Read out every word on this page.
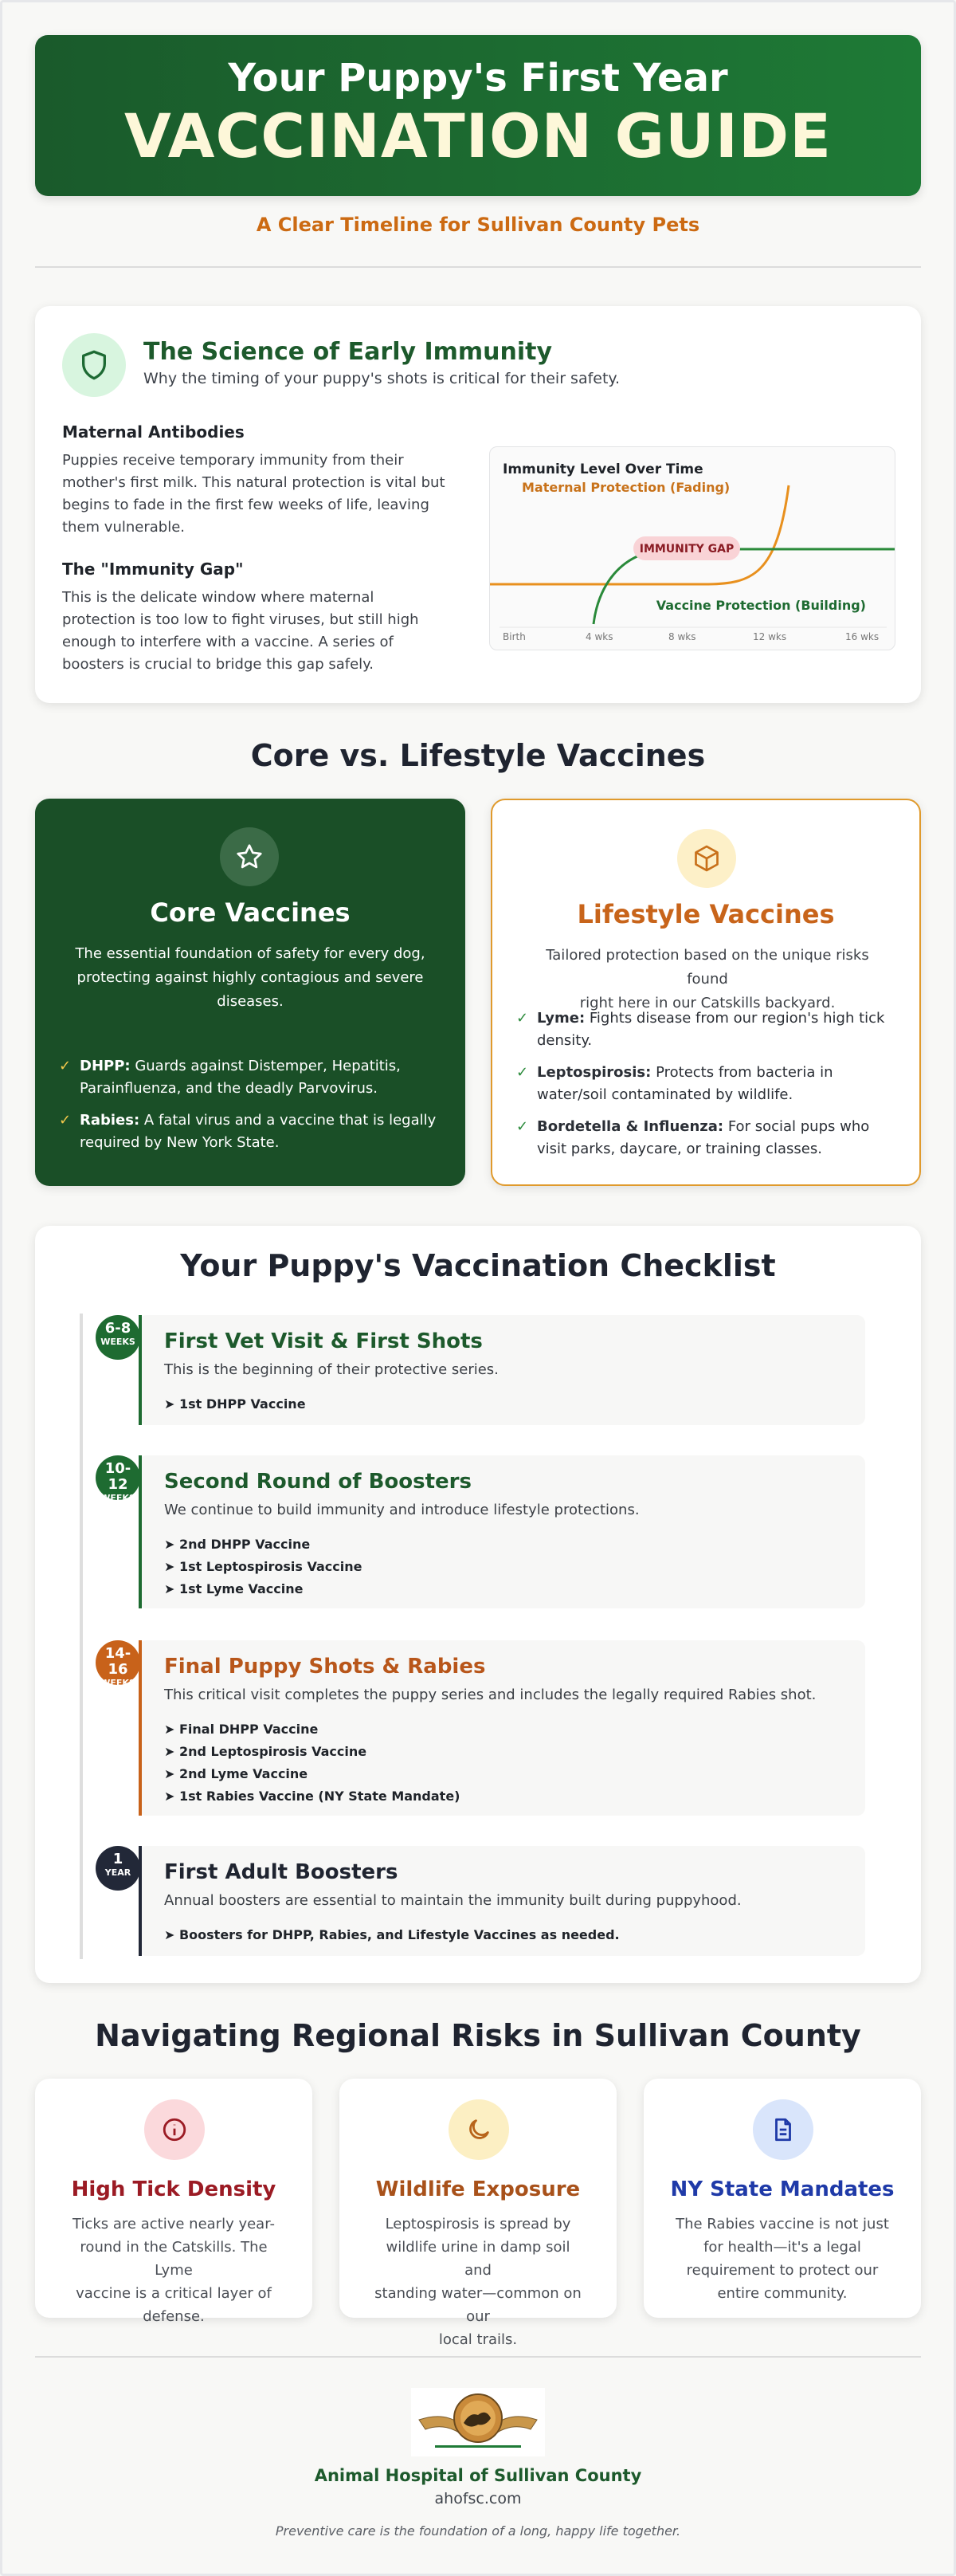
Your Puppy's First Year
VACCINATION GUIDE
A Clear Timeline for Sullivan County Pets
The Science of Early Immunity
Why the timing of your puppy's shots is critical for their safety.
Maternal Antibodies
Puppies receive temporary immunity from their
mother's first milk. This natural protection is vital but
begins to fade in the first few weeks of life, leaving
them vulnerable.
The "Immunity Gap"
This is the delicate window where maternal
protection is too low to fight viruses, but still high
enough to interfere with a vaccine. A series of
boosters is crucial to bridge this gap safely.
Immunity Level Over Time
Maternal Protection (Fading)
IMMUNITY GAP
Vaccine Protection (Building)
Birth	4 wks	8 wks	12 wks	16 wks
Core vs. Lifestyle Vaccines
Core Vaccines
The essential foundation of safety for every dog,
protecting against highly contagious and severe
diseases.
✓ DHPP: Guards against Distemper, Hepatitis,
Parainfluenza, and the deadly Parvovirus.
✓ Rabies: A fatal virus and a vaccine that is legally
required by New York State.
Lifestyle Vaccines
Tailored protection based on the unique risks found
right here in our Catskills backyard.
✓ Lyme: Fights disease from our region's high tick
density.
✓ Leptospirosis: Protects from bacteria in
water/soil contaminated by wildlife.
✓ Bordetella & Influenza: For social pups who
visit parks, daycare, or training classes.
Your Puppy's Vaccination Checklist
6-8
WEEKS First Vet Visit & First Shots

This is the beginning of their protective series.

➤ 1st DHPP Vaccine
10-12
WEEKS
Second Round of Boosters

We continue to build immunity and introduce lifestyle protections.

➤ 2nd DHPP Vaccine
➤ 1st Leptospirosis Vaccine
➤ 1st Lyme Vaccine
14-16
WEEKS
Final Puppy Shots & Rabies

This critical visit completes the puppy series and includes the legally required Rabies shot.

➤ Final DHPP Vaccine
➤ 2nd Leptospirosis Vaccine
➤ 2nd Lyme Vaccine
➤ 1st Rabies Vaccine (NY State Mandate)
1
YEAR	First Adult Boosters

Annual boosters are essential to maintain the immunity built during puppyhood.

➤ Boosters for DHPP, Rabies, and Lifestyle Vaccines as needed.
Navigating Regional Risks in Sullivan County
High Tick Density
Ticks are active nearly year-
round in the Catskills. The Lyme
vaccine is a critical layer of
defense.
Wildlife Exposure
Leptospirosis is spread by
wildlife urine in damp soil and
standing water—common on our
local trails.
NY State Mandates
The Rabies vaccine is not just
for health—it's a legal
requirement to protect our
entire community.
Animal Hospital of Sullivan County
ahofsc.com
Preventive care is the foundation of a long, happy life together.
